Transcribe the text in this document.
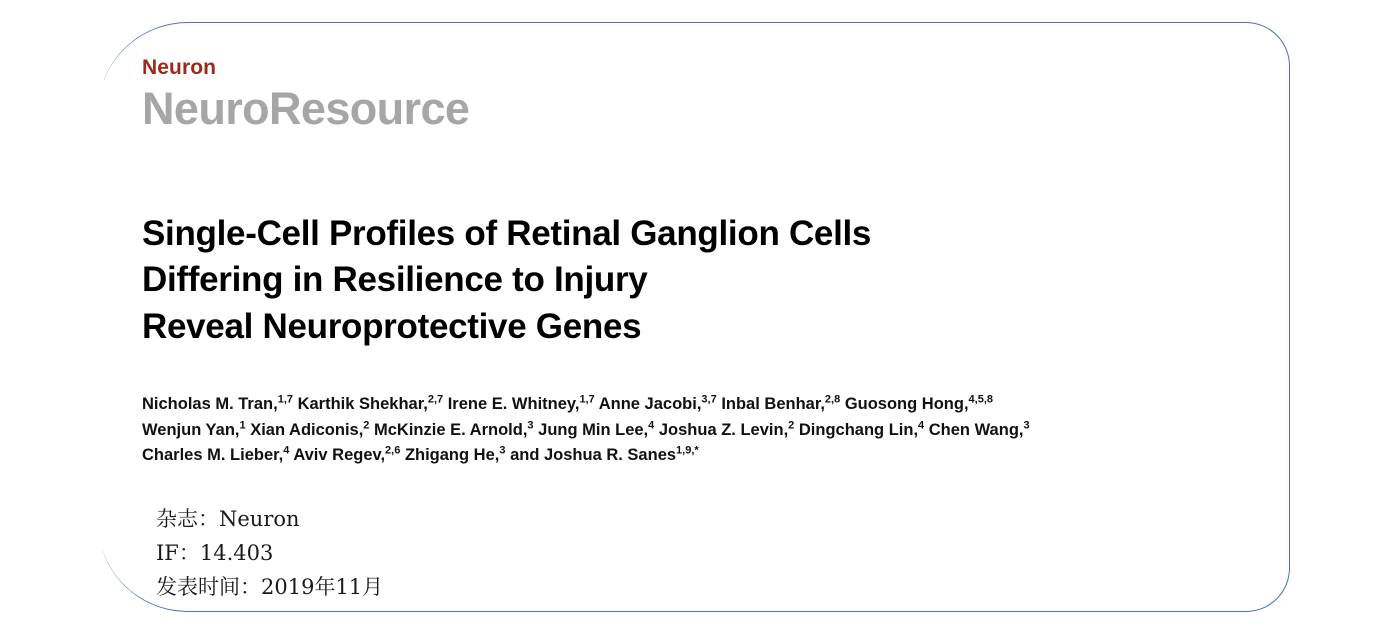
Neuron
NeuroResource
Single-Cell Profiles of Retinal Ganglion Cells
Differing in Resilience to Injury
Reveal Neuroprotective Genes
Nicholas M. Tran,$^{1,7}$ Karthik Shekhar,$^{2,7}$ Irene E. Whitney,$^{1,7}$ Anne Jacobi,$^{3,7}$ Inbal Benhar,$^{2,8}$ Guosong Hong,$^{4,5,8}$
Wenjun Yan,$^1$ Xian Adiconis,$^2$ McKinzie E. Arnold,$^3$ Jung Min Lee,$^4$ Joshua Z. Levin,$^2$ Dingchang Lin,$^4$ Chen Wang,$^3$
Charles M. Lieber,$^4$ Aviv Regev,$^{2,6}$ Zhigang He,$^3$ and Joshua R. Sanes$^{1,9,*}$
杂志：Neuron
IF：14.403
发表时间：2019年11月
